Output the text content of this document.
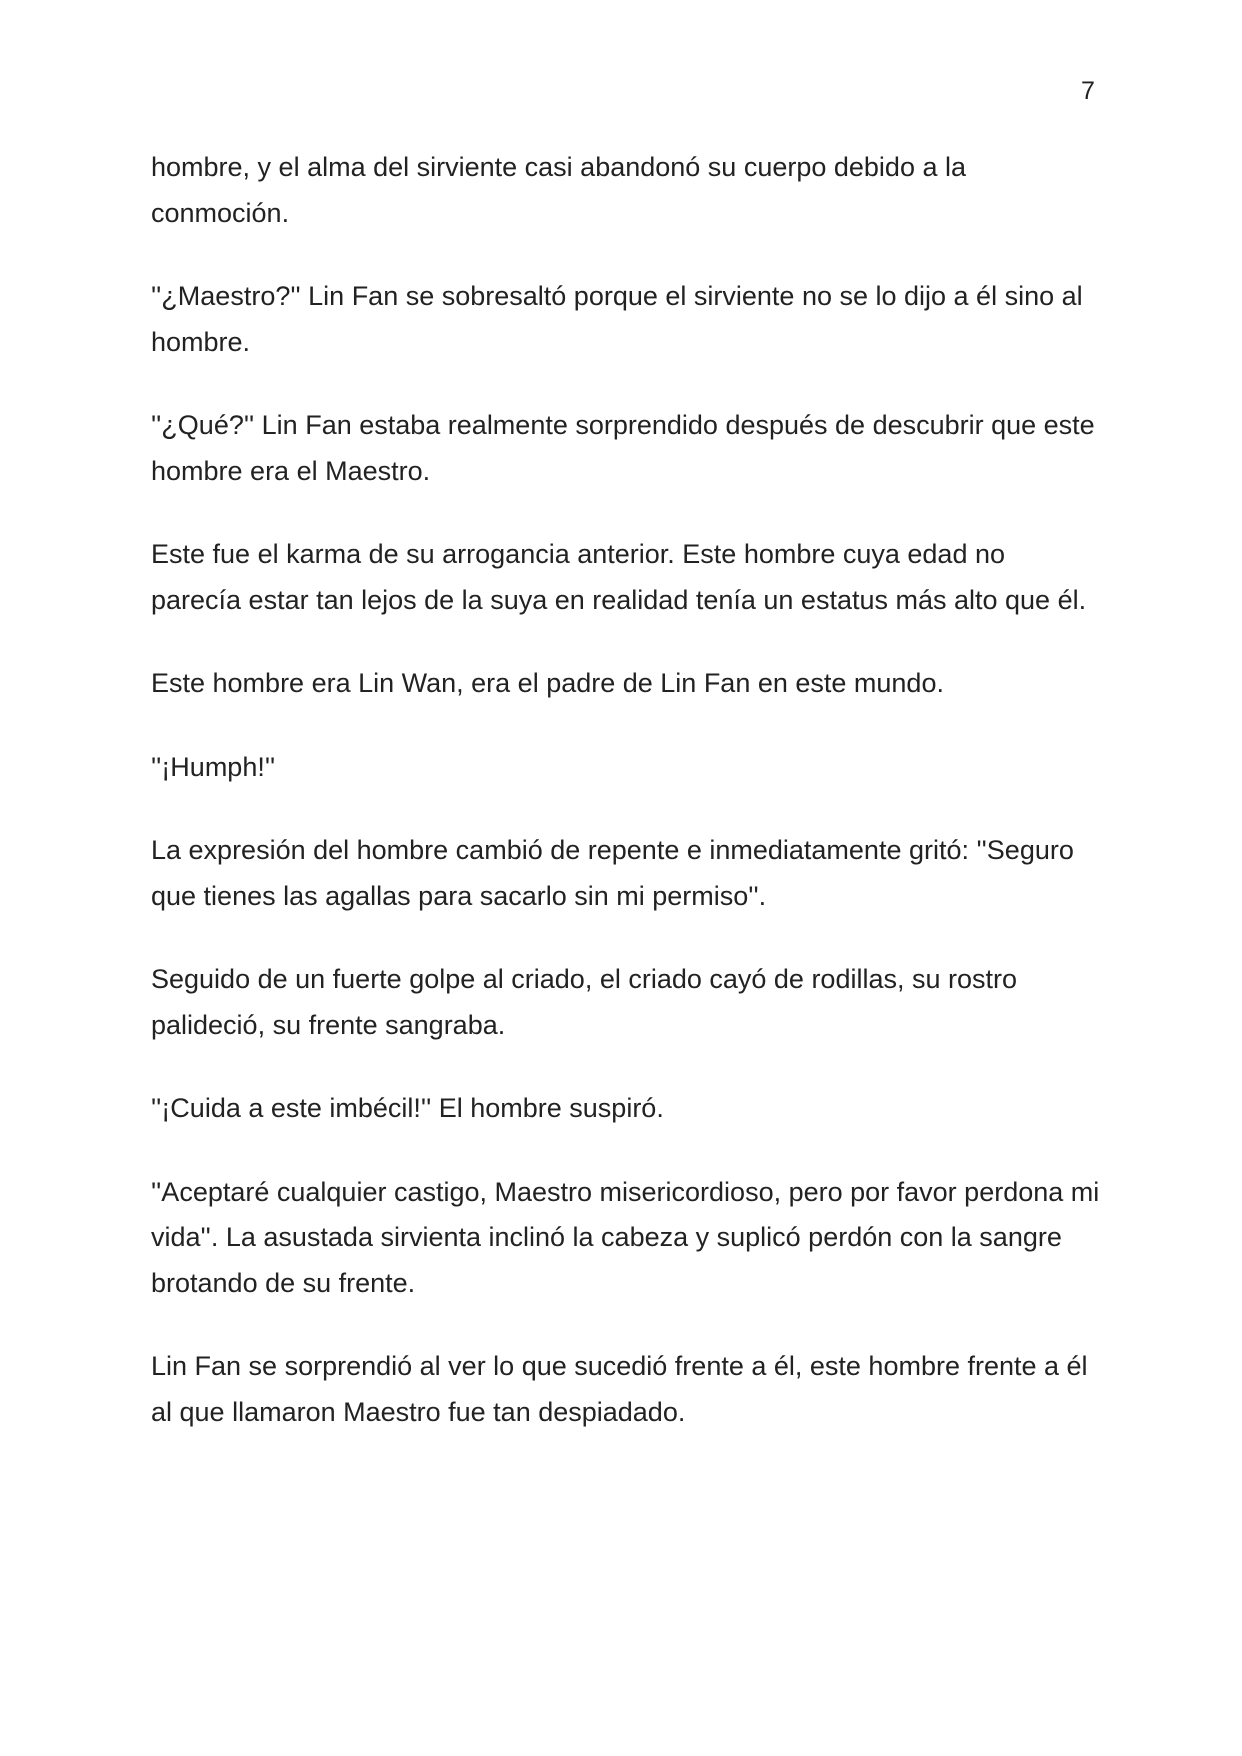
7

hombre, y el alma del sirviente casi abandonó su cuerpo debido a la conmoción.

''¿Maestro?'' Lin Fan se sobresaltó porque el sirviente no se lo dijo a él sino al hombre.

''¿Qué?'' Lin Fan estaba realmente sorprendido después de descubrir que este hombre era el Maestro.

Este fue el karma de su arrogancia anterior. Este hombre cuya edad no parecía estar tan lejos de la suya en realidad tenía un estatus más alto que él.

Este hombre era Lin Wan, era el padre de Lin Fan en este mundo.

''¡Humph!''

La expresión del hombre cambió de repente e inmediatamente gritó: ''Seguro que tienes las agallas para sacarlo sin mi permiso''.

Seguido de un fuerte golpe al criado, el criado cayó de rodillas, su rostro palideció, su frente sangraba.

''¡Cuida a este imbécil!'' El hombre suspiró.

''Aceptaré cualquier castigo, Maestro misericordioso, pero por favor perdona mi vida''. La asustada sirvienta inclinó la cabeza y suplicó perdón con la sangre brotando de su frente.

Lin Fan se sorprendió al ver lo que sucedió frente a él, este hombre frente a él al que llamaron Maestro fue tan despiadado.
